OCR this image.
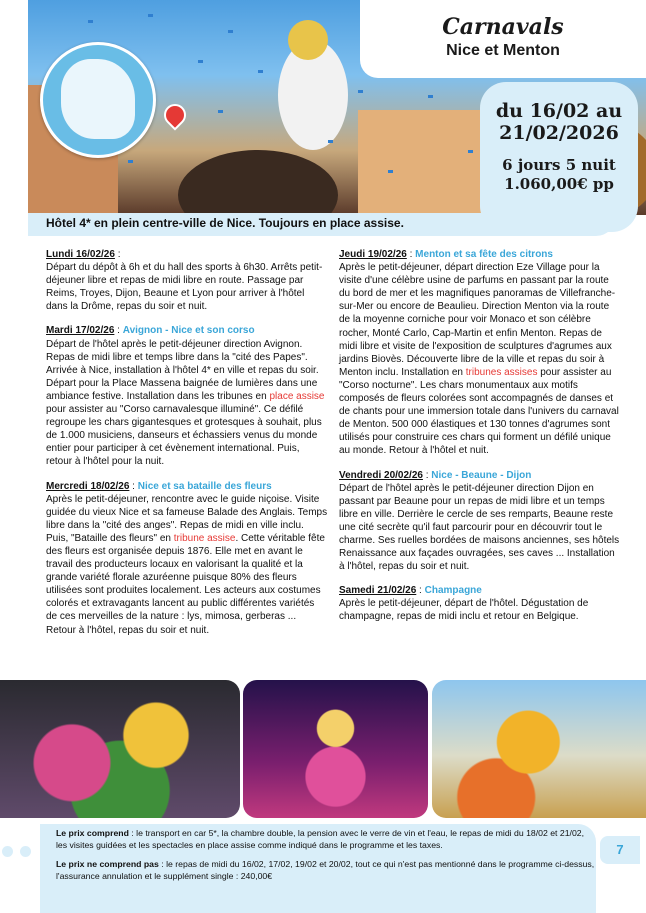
Carnavals
Nice et Menton
du 16/02 au 21/02/2026
6 jours 5 nuit
1.060,00€ pp
Hôtel 4* en plein centre-ville de Nice. Toujours en place assise.
Lundi 16/02/26 :
Départ du dépôt à 6h et du hall des sports à 6h30. Arrêts petit-déjeuner libre et repas de midi libre en route. Passage par Reims, Troyes, Dijon, Beaune et Lyon pour arriver à l'hôtel dans la Drôme, repas du soir et nuit.
Mardi 17/02/26 : Avignon - Nice et son corso
Départ de l'hôtel après le petit-déjeuner direction Avignon. Repas de midi libre et temps libre dans la "cité des Papes". Arrivée à Nice, installation à l'hôtel 4* en ville et repas du soir. Départ pour la Place Massena baignée de lumières dans une ambiance festive. Installation dans les tribunes en place assise pour assister au "Corso carnavalesque illuminé". Ce défilé regroupe les chars gigantesques et grotesques à souhait, plus de 1.000 musiciens, danseurs et échassiers venus du monde entier pour participer à cet évènement international. Puis, retour à l'hôtel pour la nuit.
Mercredi 18/02/26 : Nice et sa bataille des fleurs
Après le petit-déjeuner, rencontre avec le guide niçoise. Visite guidée du vieux Nice et sa fameuse Balade des Anglais. Temps libre dans la "cité des anges". Repas de midi en ville inclu. Puis, "Bataille des fleurs" en tribune assise. Cette véritable fête des fleurs est organisée depuis 1876. Elle met en avant le travail des producteurs locaux en valorisant la qualité et la grande variété florale azuréenne puisque 80% des fleurs utilisées sont produites localement. Les acteurs aux costumes colorés et extravagants lancent au public différentes variétés de ces merveilles de la nature : lys, mimosa, gerberas ... Retour à l'hôtel, repas du soir et nuit.
Jeudi 19/02/26 : Menton et sa fête des citrons
Après le petit-déjeuner, départ direction Eze Village pour la visite d'une célèbre usine de parfums en passant par la route du bord de mer et les magnifiques panoramas de Villefranche-sur-Mer ou encore de Beaulieu. Direction Menton via la route de la moyenne corniche pour voir Monaco et son célèbre rocher, Monté Carlo, Cap-Martin et enfin Menton. Repas de midi libre et visite de l'exposition de sculptures d'agrumes aux jardins Biovès. Découverte libre de la ville et repas du soir à Menton inclu. Installation en tribunes assises pour assister au "Corso nocturne". Les chars monumentaux aux motifs composés de fleurs colorées sont accompagnés de danses et de chants pour une immersion totale dans l'univers du carnaval de Menton. 500 000 élastiques et 130 tonnes d'agrumes sont utilisés pour construire ces chars qui forment un défilé unique au monde. Retour à l'hôtel et nuit.
Vendredi 20/02/26 : Nice - Beaune - Dijon
Départ de l'hôtel après le petit-déjeuner direction Dijon en passant par Beaune pour un repas de midi libre et un temps libre en ville. Derrière le cercle de ses remparts, Beaune reste une cité secrète qu'il faut parcourir pour en découvrir tout le charme. Ses ruelles bordées de maisons anciennes, ses hôtels Renaissance aux façades ouvragées, ses caves ... Installation à l'hôtel, repas du soir et nuit.
Samedi 21/02/26 : Champagne
Après le petit-déjeuner, départ de l'hôtel. Dégustation de champagne, repas de midi inclu et retour en Belgique.

Le prix comprend : le transport en car 5*, la chambre double, la pension avec le verre de vin et l'eau, le repas de midi du 18/02 et 21/02, les visites guidées et les spectacles en place assise comme indiqué dans le programme et les taxes.

Le prix ne comprend pas : le repas de midi du 16/02, 17/02, 19/02 et 20/02, tout ce qui n'est pas mentionné dans le programme ci-dessus, l'assurance annulation et le supplément single : 240,00€

7
